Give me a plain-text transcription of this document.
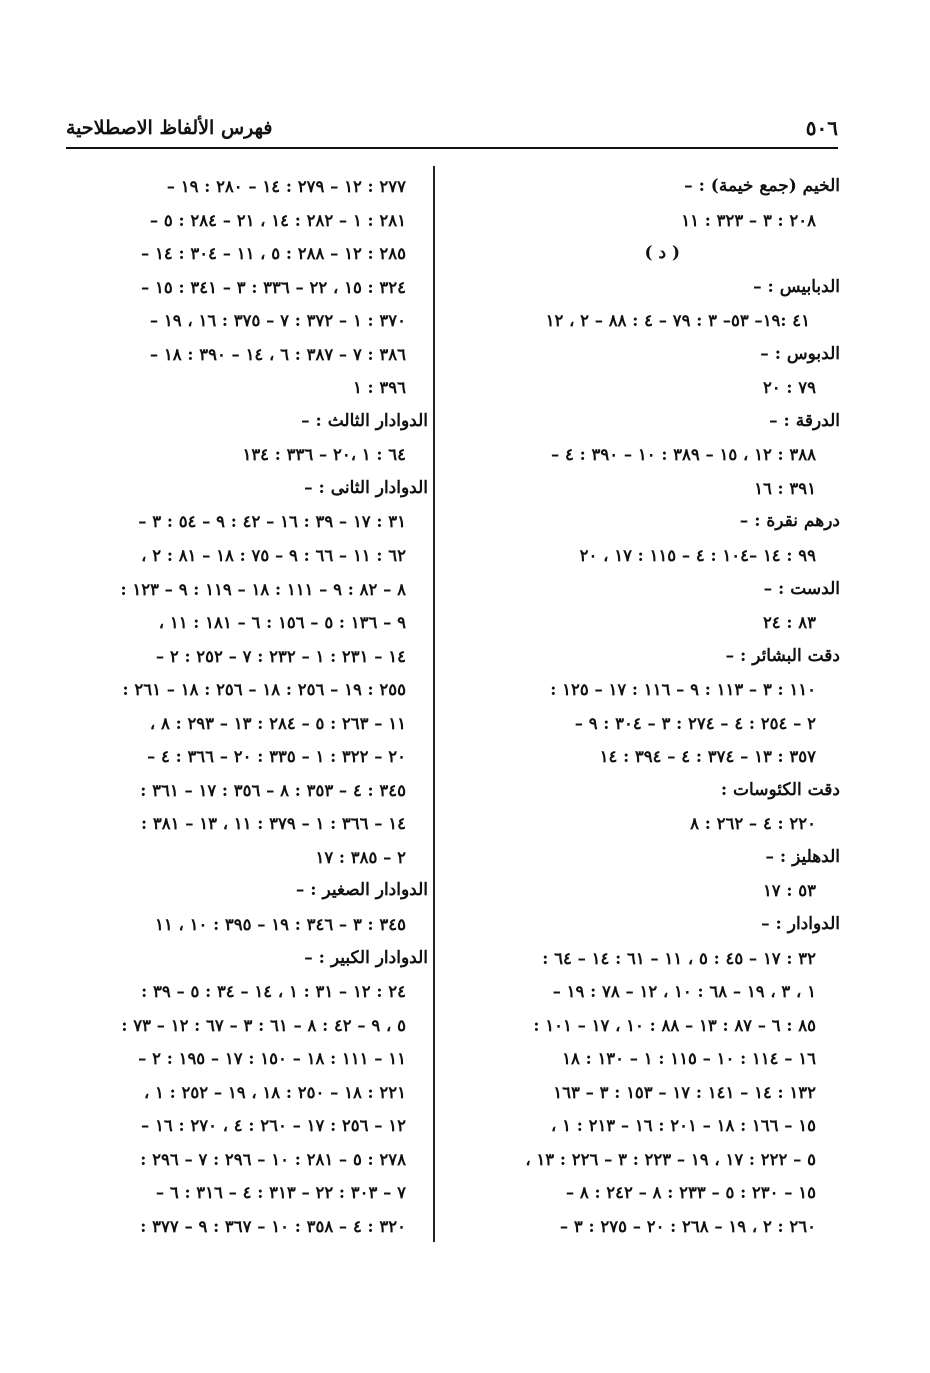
٥٠٦
فهرس الألفاظ الاصطلاحية
الخيم (جمع خيمة) : –
٢٠٨ : ٣ – ٣٢٣ : ١١
( د )
الدبابيس : –
٤١ :١٩– ٥٣– ٣ : ٧٩ – ٤ : ٨٨ – ٢ ، ١٢
الدبوس : –
٧٩ : ٢٠
الدرقة : –
٣٨٨ : ١٢ ، ١٥ – ٣٨٩ : ١٠ – ٣٩٠ : ٤ –
٣٩١ : ١٦
درهم نقرة : –
٩٩ : ١٤ –١٠٤ : ٤ – ١١٥ : ١٧ ، ٢٠
الدست : –
٨٣ : ٢٤
دقت البشائر : –
١١٠ : ٣ – ١١٣ : ٩ – ١١٦ : ١٧ – ١٢٥ :
٢ – ٢٥٤ : ٤ – ٢٧٤ : ٣ – ٣٠٤ : ٩ –
٣٥٧ : ١٣ – ٣٧٤ : ٤ – ٣٩٤ : ١٤
دقت الكئوسات :
٢٢٠ : ٤ – ٢٦٢ : ٨
الدهليز : –
٥٣ : ١٧
الدوادار : –
٣٢ : ١٧ – ٤٥ : ٥ ، ١١ – ٦١ : ١٤ – ٦٤ :
١ ، ٣ ، ١٩ – ٦٨ : ١٠ ، ١٢ – ٧٨ : ١٩ –
٨٥ : ٦ – ٨٧ : ١٣ – ٨٨ : ١٠ ، ١٧ – ١٠١ :
١٦ – ١١٤ : ١٠ – ١١٥ : ١ – ١٣٠ : ١٨
١٣٢ : ١٤ – ١٤١ : ١٧ – ١٥٣ : ٣ – ١٦٣
١٥ – ١٦٦ : ١٨ – ٢٠١ : ١٦ – ٢١٣ : ١ ،
٥ – ٢٢٢ : ١٧ ، ١٩ – ٢٢٣ : ٣ – ٢٢٦ : ١٣ ،
١٥ – ٢٣٠ : ٥ – ٢٣٣ : ٨ – ٢٤٢ : ٨ –
٢٦٠ : ٢ ، ١٩ – ٢٦٨ : ٢٠ – ٢٧٥ : ٣ –
٢٧٧ : ١٢ – ٢٧٩ : ١٤ – ٢٨٠ : ١٩ –
٢٨١ : ١ – ٢٨٢ : ١٤ ، ٢١ – ٢٨٤ : ٥ –
٢٨٥ : ١٢ – ٢٨٨ : ٥ ، ١١ – ٣٠٤ : ١٤ –
٣٢٤ : ١٥ ، ٢٢ – ٣٣٦ : ٣ – ٣٤١ : ١٥ –
٣٧٠ : ١ – ٣٧٢ : ٧ – ٣٧٥ : ١٦ ، ١٩ –
٣٨٦ : ٧ – ٣٨٧ : ٦ ، ١٤ – ٣٩٠ : ١٨ –
٣٩٦ : ١
الدوادار الثالث : –
٦٤ : ١ ،٢٠ – ٣٣٦ : ١٣٤
الدوادار الثانى : –
٣١ : ١٧ – ٣٩ : ١٦ – ٤٢ : ٩ – ٥٤ : ٣ –
٦٢ : ١١ – ٦٦ : ٩ – ٧٥ : ١٨ – ٨١ : ٢ ،
٨ – ٨٢ : ٩ – ١١١ : ١٨ – ١١٩ : ٩ – ١٢٣ :
٩ – ١٣٦ : ٥ – ١٥٦ : ٦ – ١٨١ : ١١ ،
١٤ – ٢٣١ : ١ – ٢٣٢ : ٧ – ٢٥٢ : ٢ –
٢٥٥ : ١٩ – ٢٥٦ : ١٨ – ٢٥٦ : ١٨ – ٢٦١ :
١١ – ٢٦٣ : ٥ – ٢٨٤ : ١٣ – ٢٩٣ : ٨ ،
٢٠ – ٣٢٢ : ١ – ٣٣٥ : ٢٠ – ٣٦٦ : ٤ –
٣٤٥ : ٤ – ٣٥٣ : ٨ – ٣٥٦ : ١٧ – ٣٦١ :
١٤ – ٣٦٦ : ١ – ٣٧٩ : ١١ ، ١٣ – ٣٨١ :
٢ – ٣٨٥ : ١٧
الدوادار الصغير : –
٣٤٥ : ٣ – ٣٤٦ : ١٩ – ٣٩٥ : ١٠ ، ١١
الدوادار الكبير : –
٢٤ : ١٢ – ٣١ : ١ ، ١٤ – ٣٤ : ٥ – ٣٩ :
٥ ، ٩ – ٤٢ : ٨ – ٦١ : ٣ – ٦٧ : ١٢ – ٧٣ :
١١ – ١١١ : ١٨ – ١٥٠ : ١٧ – ١٩٥ : ٢ –
٢٢١ : ١٨ – ٢٥٠ : ١٨ ، ١٩ – ٢٥٢ : ١ ،
١٢ – ٢٥٦ : ١٧ – ٢٦٠ : ٤ ، ٢٧٠ : ١٦ –
٢٧٨ : ٥ – ٢٨١ : ١٠ – ٢٩٦ : ٧ – ٢٩٦ :
٧ – ٣٠٣ : ٢٢ – ٣١٣ : ٤ – ٣١٦ : ٦ –
٣٢٠ : ٤ – ٣٥٨ : ١٠ – ٣٦٧ : ٩ – ٣٧٧ :
